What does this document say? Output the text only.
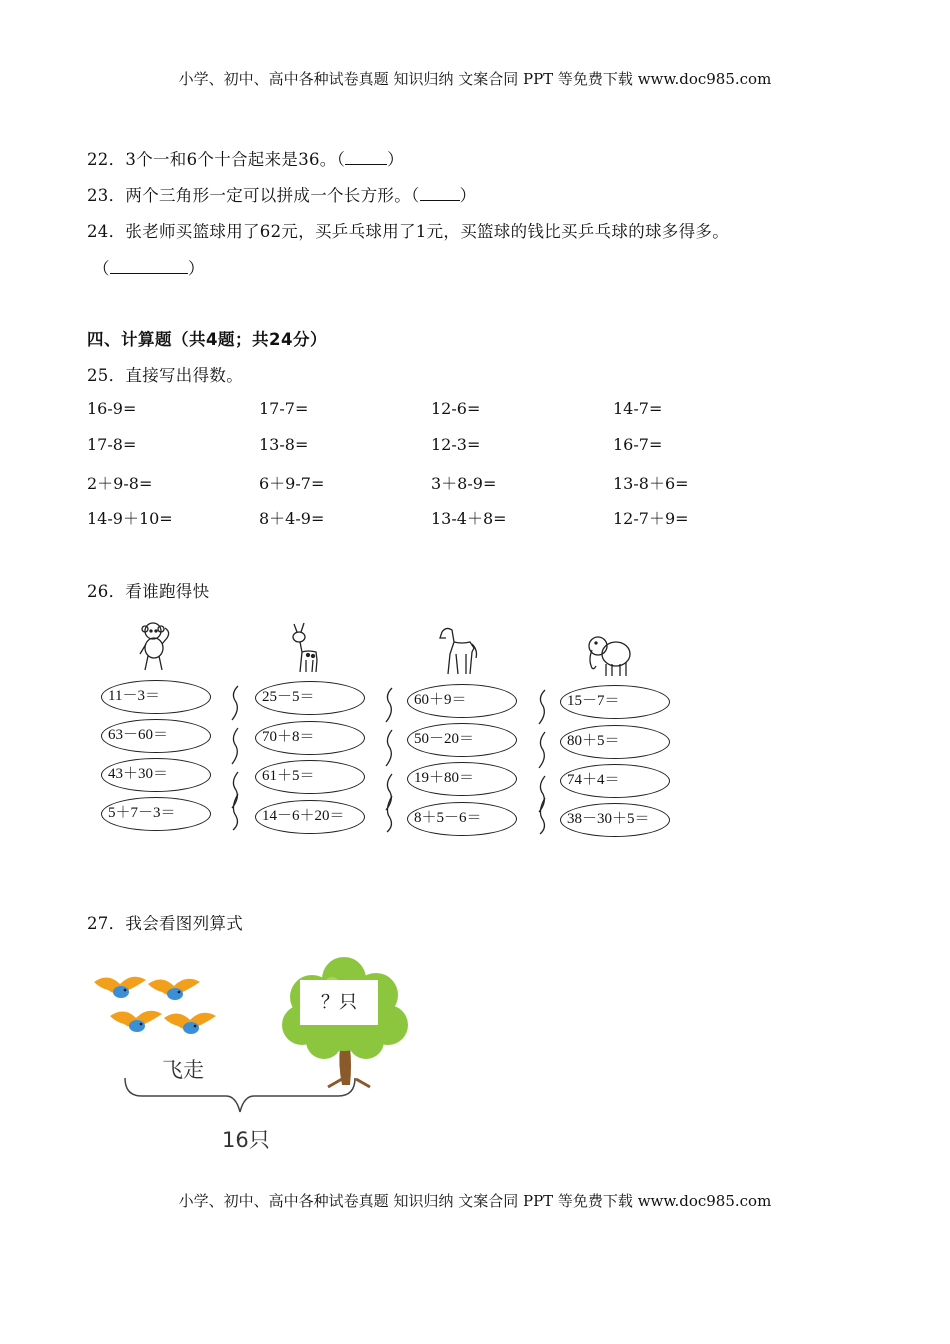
小学、初中、高中各种试卷真题 知识归纳 文案合同 PPT 等免费下载 www.doc985.com
22．3个一和6个十合起来是36。（	）
23．两个三角形一定可以拼成一个长方形。（ ）
24．张老师买篮球用了62元，买乒乓球用了1元，买篮球的钱比买乒乓球的球多得多。
（	）
四、计算题（共4题；共24分）
25．直接写出得数。
16-9=	17-7=	12-6=	14-7=
17-8=	13-8=	12-3=	16-7=
2＋9-8=	6＋9-7=	3＋8-9=	13-8＋6=
14-9＋10=	8＋4-9=	13-4＋8=	12-7＋9=
26．看谁跑得快
11－3＝
63－60＝
43＋30＝
5＋7－3＝
25－5＝
70＋8＝
61＋5＝
14－6＋20＝
60＋9＝
50－20＝
19＋80＝
8＋5－6＝
15－7＝
80＋5＝
74＋4＝
38－30＋5＝
27．我会看图列算式
？只
飞走
16只
小学、初中、高中各种试卷真题 知识归纳 文案合同 PPT 等免费下载 www.doc985.com
